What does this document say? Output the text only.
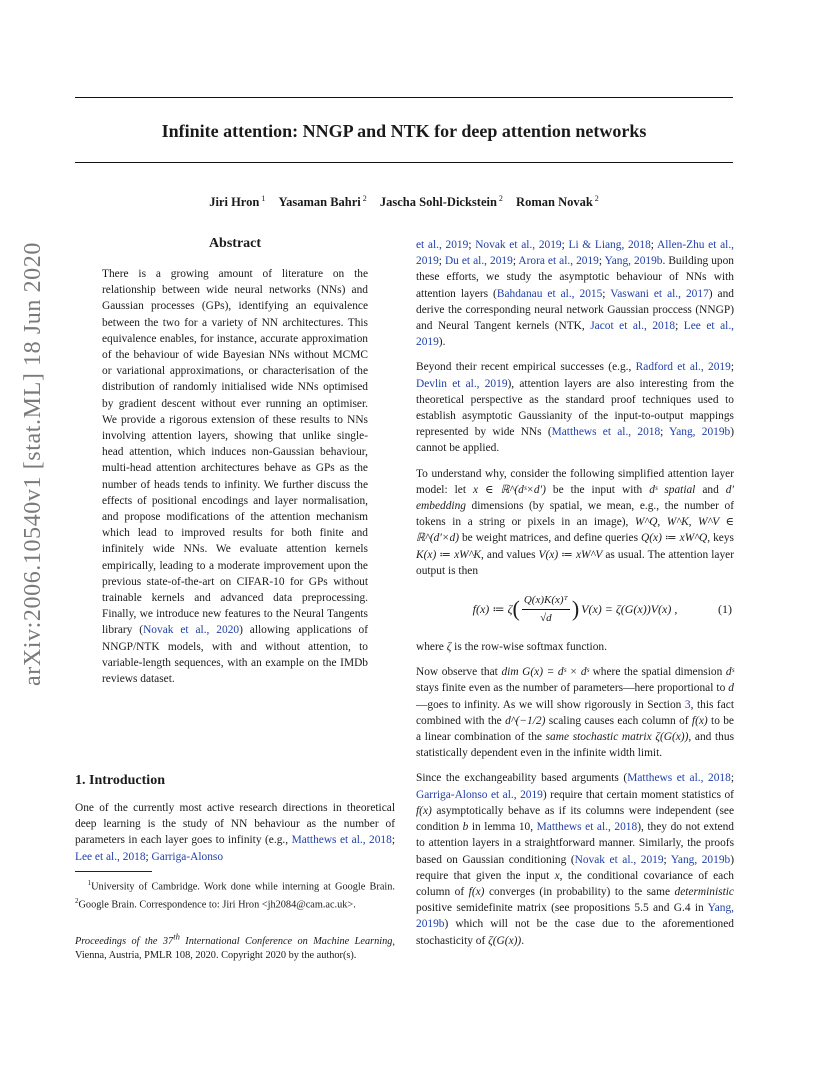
Infinite attention: NNGP and NTK for deep attention networks
Jiri Hron $^1$ Yasaman Bahri $^2$ Jascha Sohl-Dickstein $^2$ Roman Novak $^2$
arXiv:2006.10540v1 [stat.ML] 18 Jun 2020	Abstract
There is a growing amount of literature on the relationship between wide neural networks (NNs) and Gaussian processes (GPs), identifying an equivalence between the two for a variety of NN architectures. This equivalence enables, for instance, accurate approximation of the behaviour of wide Bayesian NNs without MCMC or variational approximations, or characterisation of the distribution of randomly initialised wide NNs optimised by gradient descent without ever running an optimiser. We provide a rigorous extension of these results to NNs involving attention layers, showing that unlike single-head attention, which induces non-Gaussian behaviour, multi-head attention architectures behave as GPs as the number of heads tends to infinity. We further discuss the effects of positional encodings and layer normalisation, and propose modifications of the attention mechanism which lead to improved results for both finite and infinitely wide NNs. We evaluate attention kernels empirically, leading to a moderate improvement upon the previous state-of-the-art on CIFAR-10 for GPs without trainable kernels and advanced data preprocessing. Finally, we introduce new features to the Neural Tangents library (Novak et al., 2020) allowing applications of NNGP/NTK models, with and without attention, to variable-length sequences, with an example on the IMDb reviews dataset.
1. Introduction
One of the currently most active research directions in theoretical deep learning is the study of NN behaviour as the number of parameters in each layer goes to infinity (e.g., Matthews et al., 2018; Lee et al., 2018; Garriga-Alonso
$^1$University of Cambridge. Work done while interning at Google Brain. $^2$Google Brain. Correspondence to: Jiri Hron <jh2084@cam.ac.uk>.
Proceedings of the 37th International Conference on Machine Learning, Vienna, Austria, PMLR 108, 2020. Copyright 2020 by the author(s).

et al., 2019; Novak et al., 2019; Li & Liang, 2018; Allen-Zhu et al., 2019; Du et al., 2019; Arora et al., 2019; Yang, 2019b. Building upon these efforts, we study the asymptotic behaviour of NNs with attention layers (Bahdanau et al., 2015; Vaswani et al., 2017) and derive the corresponding neural network Gaussian proccess (NNGP) and Neural Tangent kernels (NTK, Jacot et al., 2018; Lee et al., 2019).

Beyond their recent empirical successes (e.g., Radford et al., 2019; Devlin et al., 2019), attention layers are also interesting from the theoretical perspective as the standard proof techniques used to establish asymptotic Gaussianity of the input-to-output mappings represented by wide NNs (Matthews et al., 2018; Yang, 2019b) cannot be applied.

To understand why, consider the following simplified attention layer model: let x ∈ ℝ^(dˢ×d′) be the input with dˢ spatial and d′ embedding dimensions (by spatial, we mean, e.g., the number of tokens in a string or pixels in an image), W^Q, W^K, W^V ∈ ℝ^(d′×d) be weight matrices, and define queries Q(x) ≔ xW^Q, keys K(x) ≔ xW^K, and values V(x) ≔ xW^V as usual. The attention layer output is then

f(x) ≔ ζ ( Q(x)K(x)ᵀ
√d ) V(x) = ζ(G(x))V(x) ,	(1)

where ζ is the row-wise softmax function.

Now observe that dim G(x) = dˢ × dˢ where the spatial dimension dˢ stays finite even as the number of parameters—here proportional to d—goes to infinity. As we will show rigorously in Section 3, this fact combined with the d^(−1/2) scaling causes each column of f(x) to be a linear combination of the same stochastic matrix ζ(G(x)), and thus statistically dependent even in the infinite width limit.

Since the exchangeability based arguments (Matthews et al., 2018; Garriga-Alonso et al., 2019) require that certain moment statistics of f(x) asymptotically behave as if its columns were independent (see condition b in lemma 10, Matthews et al., 2018), they do not extend to attention layers in a straightforward manner. Similarly, the proofs based on Gaussian conditioning (Novak et al., 2019; Yang, 2019b) require that given the input x, the conditional covariance of each column of f(x) converges (in probability) to the same deterministic positive semidefinite matrix (see propositions 5.5 and G.4 in Yang, 2019b) which will not be the case due to the aforementioned stochasticity of ζ(G(x)).
